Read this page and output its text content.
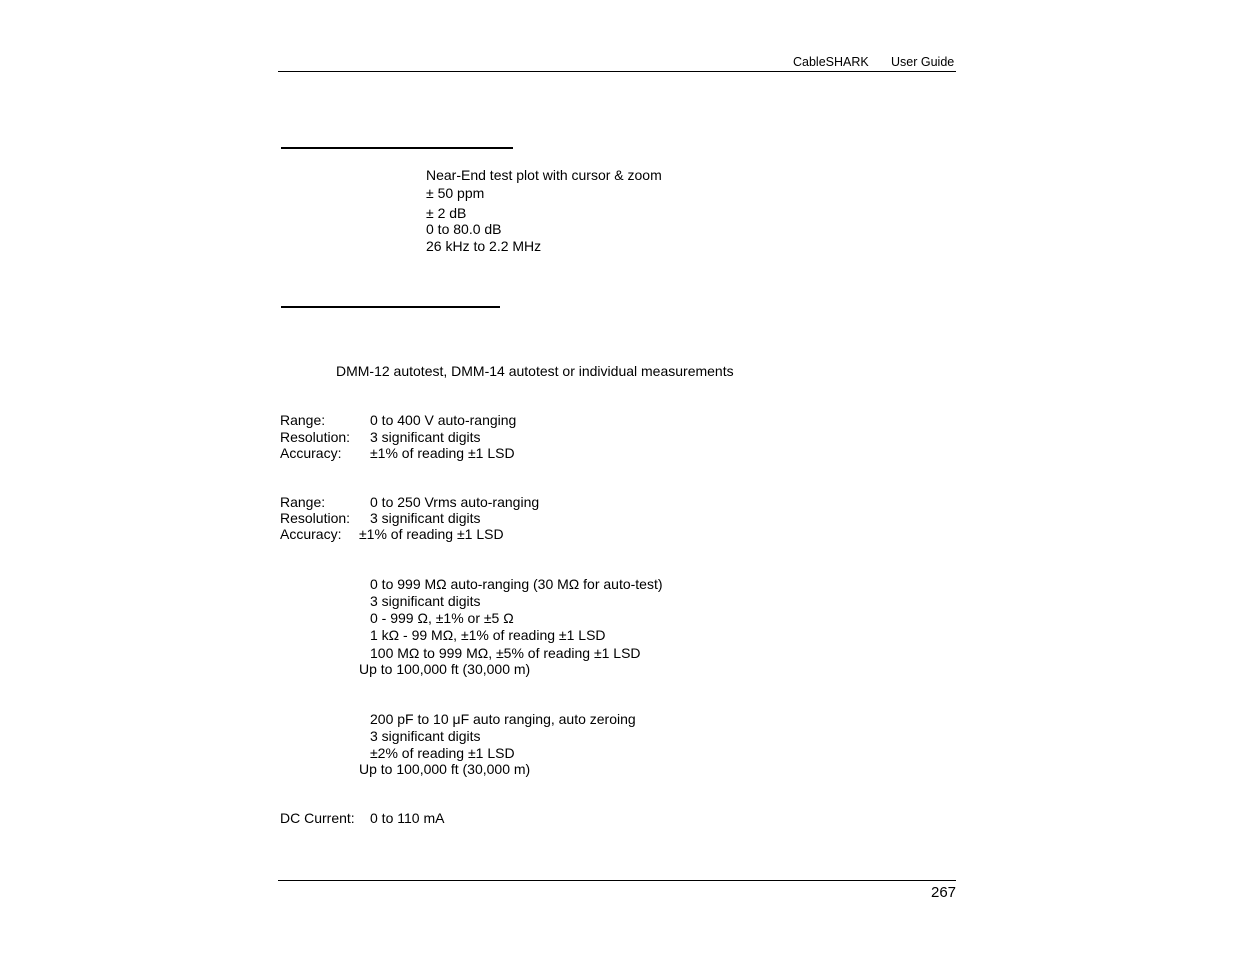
CableSHARK User Guide
Near-End test plot with cursor & zoom
± 50 ppm
± 2 dB
0 to 80.0 dB
26 kHz to 2.2 MHz
DMM-12 autotest, DMM-14 autotest or individual measurements
Range:	0 to 400 V auto-ranging
Resolution: 3 significant digits
Accuracy: ±1% of reading ±1 LSD
Range:	0 to 250 Vrms auto-ranging
Resolution: 3 significant digits
Accuracy: ±1% of reading ±1 LSD
0 to 999 MΩ auto-ranging (30 MΩ for auto-test)
3 significant digits
0 - 999 Ω, ±1% or ±5 Ω
1 kΩ - 99 MΩ, ±1% of reading ±1 LSD
100 MΩ to 999 MΩ, ±5% of reading ±1 LSD
Up to 100,000 ft (30,000 m)
200 pF to 10 μF auto ranging, auto zeroing
3 significant digits
±2% of reading ±1 LSD
Up to 100,000 ft (30,000 m)
DC Current: 0 to 110 mA
267
